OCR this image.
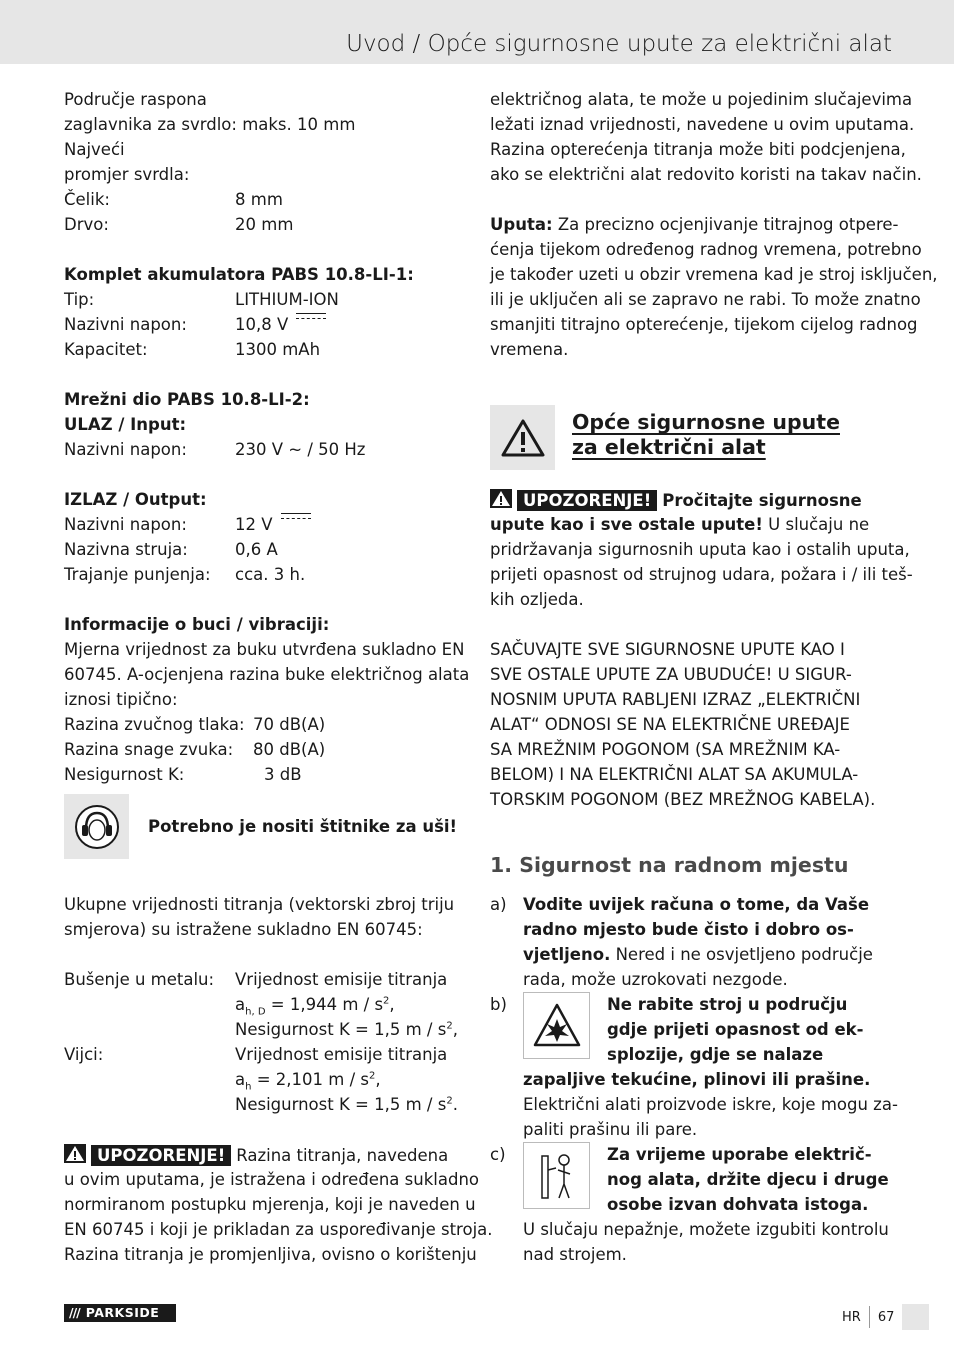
Uvod / Opće sigurnosne upute za električni alat
Područje raspona
zaglavnika za svrdlo: maks. 10 mm
Najveći
promjer svrdla:
Čelik:	8 mm
Drvo:	20 mm
Komplet akumulatora PABS 10.8-LI-1:
Tip:	LITHIUM-ION
Nazivni napon:	10,8 V
Kapacitet:	1300 mAh
Mrežni dio PABS 10.8-LI-2:
ULAZ / Input:
Nazivni napon:	230 V ~ / 50 Hz
IZLAZ / Output:
Nazivni napon:	12 V
Nazivna struja:	0,6 A
Trajanje punjenja:	cca. 3 h.
Informacije o buci / vibraciji:
Mjerna vrijednost za buku utvrđena sukladno EN
60745. A-ocjenjena razina buke električnog alata
iznosi tipično:
Razina zvučnog tlaka: 70 dB(A)
Razina snage zvuka:	80 dB(A)
Nesigurnost K:	3 dB
Potrebno je nositi štitnike za uši!
Ukupne vrijednosti titranja (vektorski zbroj triju
smjerova) su istražene sukladno EN 60745:
Bušenje u metalu:	Vrijednost emisije titranja
$a_{h, D} = 1,944$ m / $s^2$,
Nesigurnost K = 1,5 m / $s^2$,
Vijci:	Vrijednost emisije titranja
$a_h = 2,101$ m / $s^2$,
Nesigurnost K = 1,5 m / $s^2$.
UPOZORENJE! Razina titranja, navedena
u ovim uputama, je istražena i određena sukladno
normiranom postupku mjerenja, koji je naveden u
EN 60745 i koji je prikladan za uspoređivanje stroja.
Razina titranja je promjenljiva, ovisno o korištenju
električnog alata, te može u pojedinim slučajevima
ležati iznad vrijednosti, navedene u ovim uputama.
Razina opterećenja titranja može biti podcjenjena,
ako se električni alat redovito koristi na takav način.
Uputa: Za precizno ocjenjivanje titrajnog otpere-
ćenja tijekom određenog radnog vremena, potrebno
je također uzeti u obzir vremena kad je stroj isključen,
ili je uključen ali se zapravo ne rabi. To može znatno
smanjiti titrajno opterećenje, tijekom cijelog radnog
vremena.
Opće sigurnosne upute
za električni alat
UPOZORENJE! Pročitajte sigurnosne
upute kao i sve ostale upute! U slučaju ne
pridržavanja sigurnosnih uputa kao i ostalih uputa,
prijeti opasnost od strujnog udara, požara i / ili teš-
kih ozljeda.
SAČUVAJTE SVE SIGURNOSNE UPUTE KAO I
SVE OSTALE UPUTE ZA UBUDUĆE! U SIGUR-
NOSNIM UPUTA RABLJENI IZRAZ „ELEKTRIČNI
ALAT“ ODNOSI SE NA ELEKTRIČNE UREĐAJE
SA MREŽNIM POGONOM (SA MREŽNIM KA-
BELOM) I NA ELEKTRIČNI ALAT SA AKUMULA-
TORSKIM POGONOM (BEZ MREŽNOG KABELA).
1. Sigurnost na radnom mjestu
a) Vodite uvijek računa o tome, da Vaše
radno mjesto bude čisto i dobro os-
vjetljeno. Nered i ne osvjetljeno područje
rada, može uzrokovati nezgode.
b)	Ne rabite stroj u području
gdje prijeti opasnost od ek-
splozije, gdje se nalaze
zapaljive tekućine, plinovi ili prašine.
Električni alati proizvode iskre, koje mogu za-
paliti prašinu ili pare.
c)	Za vrijeme uporabe električ-
nog alata, držite djecu i druge
osobe izvan dohvata istoga.
U slučaju nepažnje, možete izgubiti kontrolu
nad strojem.
/// PARKSIDE	HR 67
